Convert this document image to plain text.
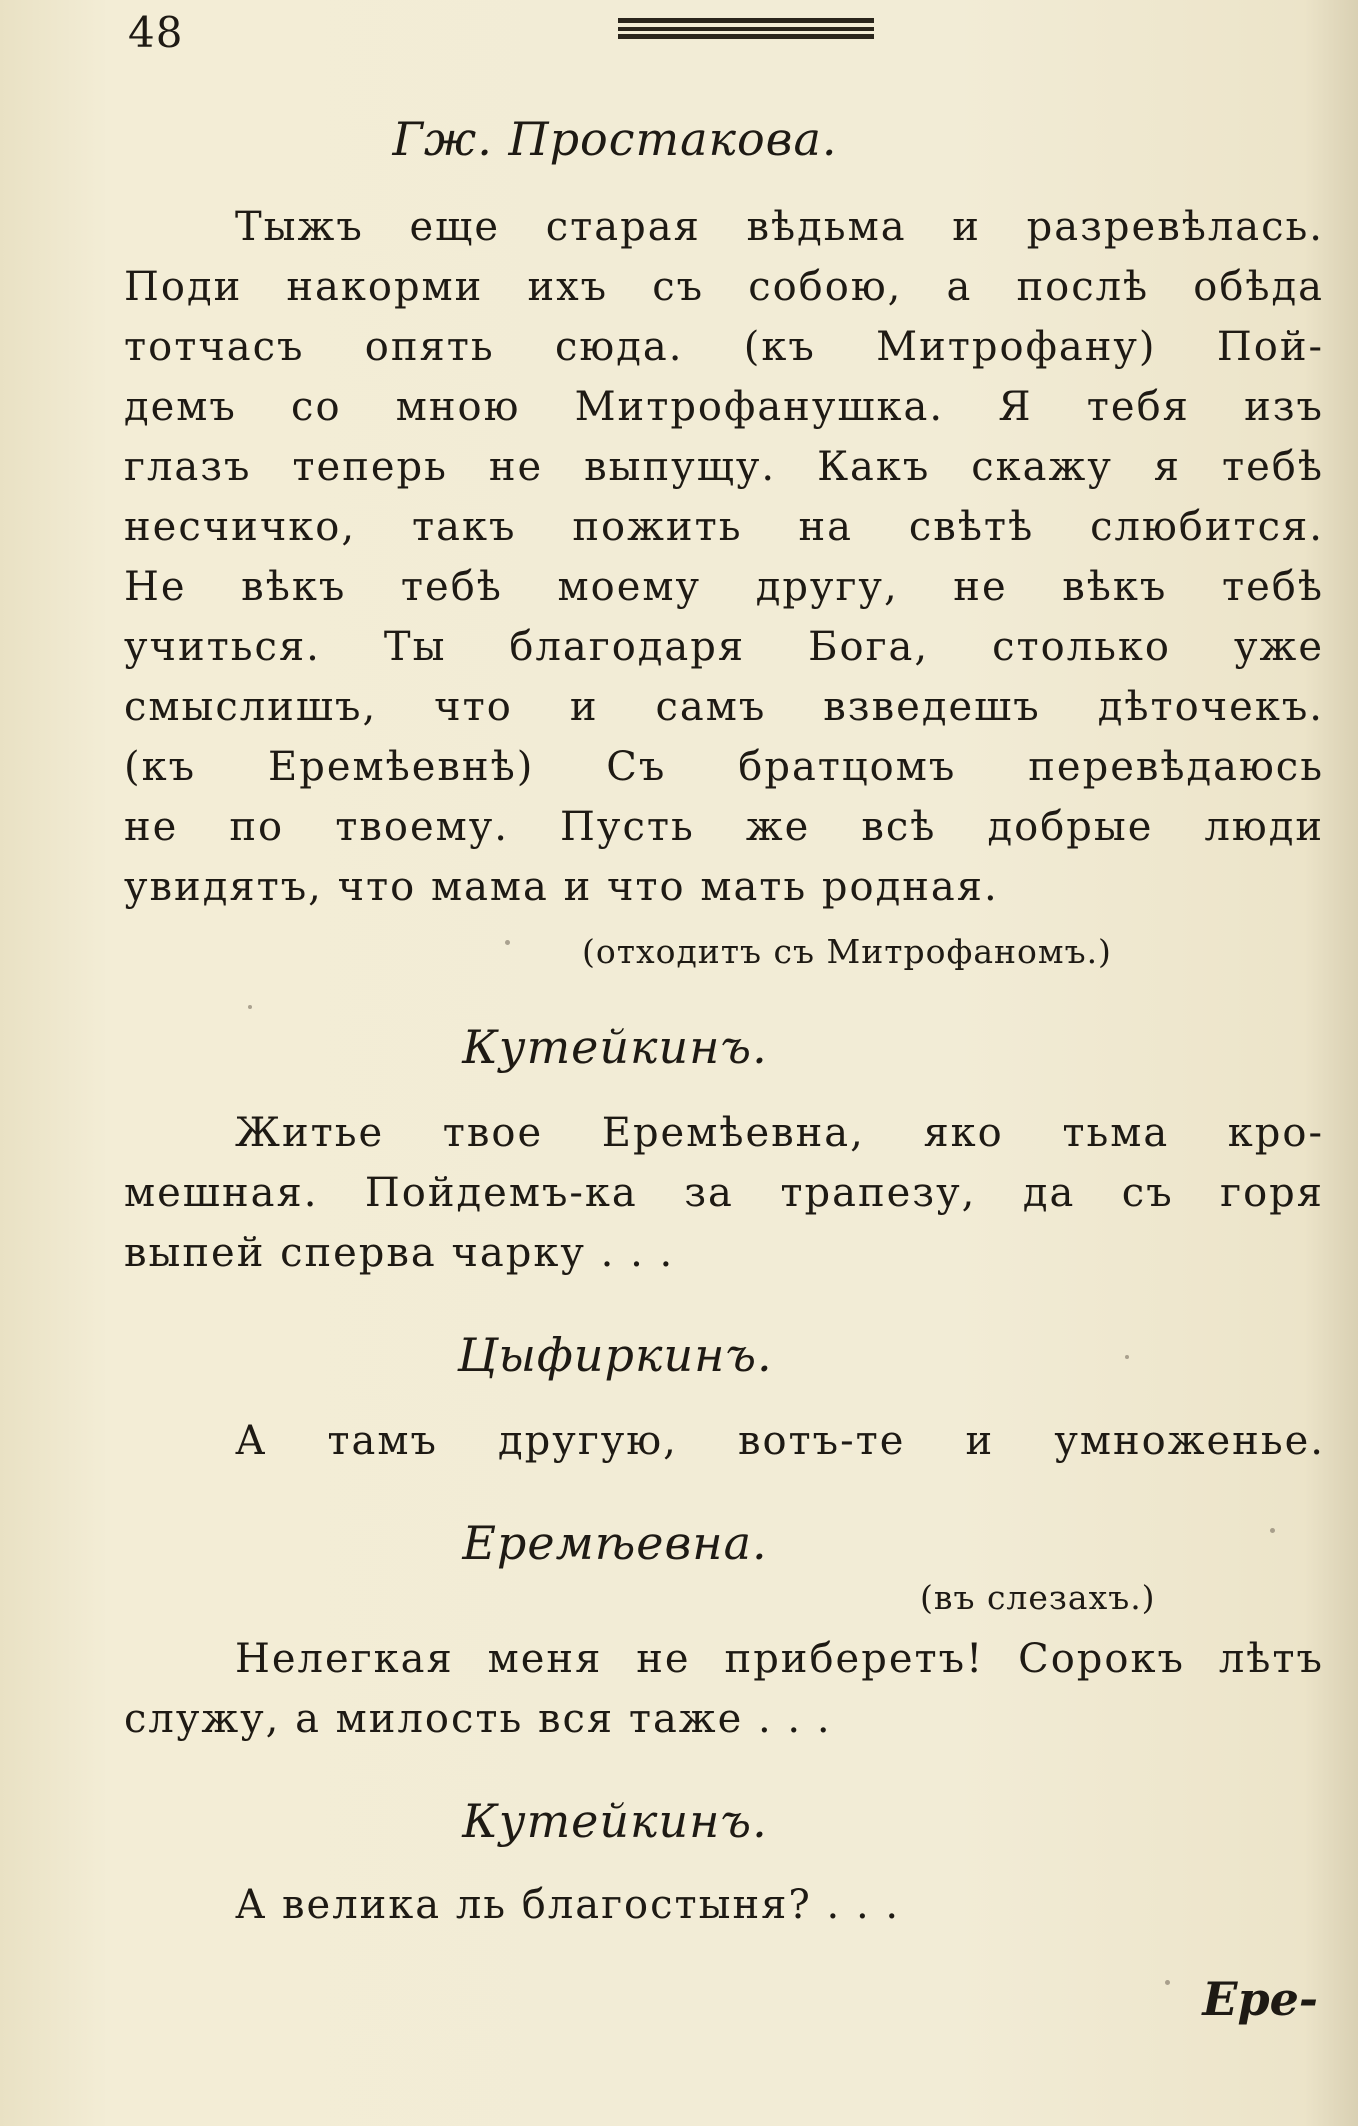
48
Гж. Простакова.
Тыжъ еще старая вѣдьма и разревѣлась.
Поди накорми ихъ съ собою, а послѣ обѣда
тотчасъ опять сюда. (къ Митрофану) Пой-
демъ со мною Митрофанушка. Я тебя изъ
глазъ теперь не выпущу. Какъ скажу я тебѣ
несчичко, такъ пожить на свѣтѣ слюбится.
Не вѣкъ тебѣ моему другу, не вѣкъ тебѣ
учиться. Ты благодаря Бога, столько уже
смыслишъ, что и самъ взведешъ дѣточекъ.
(къ Еремѣевнѣ) Съ братцомъ перевѣдаюсь
не по твоему. Пусть же всѣ добрые люди
увидятъ, что мама и что мать родная.
(отходитъ съ Митрофаномъ.)
Кутейкинъ.
Житье твое Еремѣевна, яко тьма кро-
мешная. Пойдемъ-ка за трапезу, да съ горя
выпей сперва чарку . . .
Цыфиркинъ.
А тамъ другую, вотъ-те и умноженье.
Еремѣевна.
(въ слезахъ.)
Нелегкая меня не приберетъ! Сорокъ лѣтъ
служу, а милость вся таже . . .
Кутейкинъ.
А велика ль благостыня? . . .
Ере-
